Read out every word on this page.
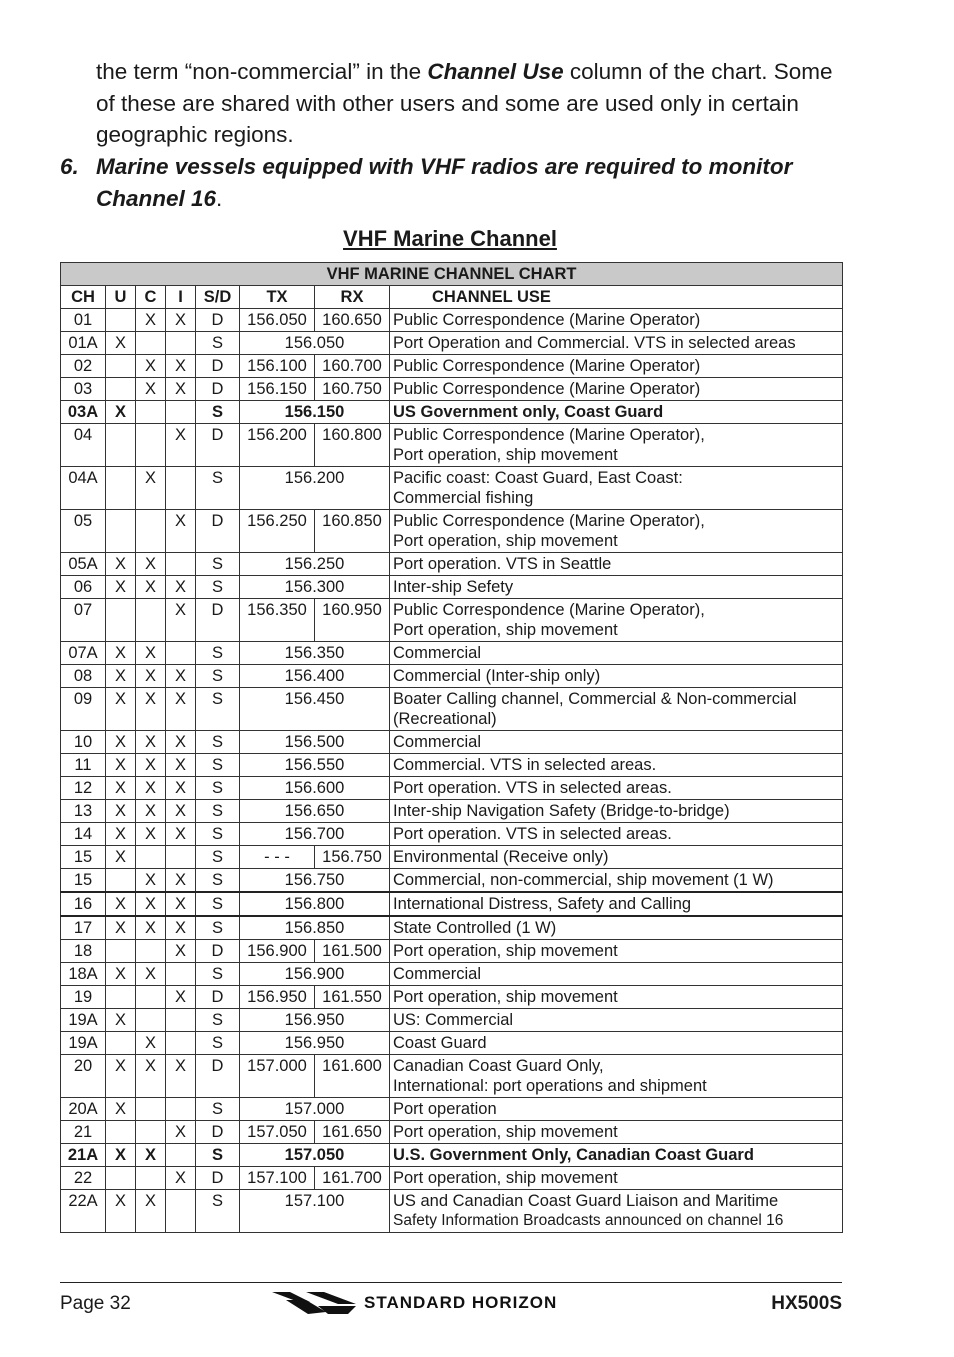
the term “non-commercial” in the Channel Use column of the chart. Some of these are shared with other users and some are used only in certain geographic regions.
6. Marine vessels equipped with VHF radios are required to monitor Channel 16.
VHF Marine Channel
VHF MARINE CHANNEL CHART							
CH	U	C	I	S/D	TX	RX	CHANNEL USE
01		X	X	D	156.050	160.650	Public Correspondence (Marine Operator)

01A	X			S	156.050		Port Operation and Commercial. VTS in selected areas

02		X	X	D	156.100	160.700	Public Correspondence (Marine Operator)

03		X	X	D	156.150	160.750	Public Correspondence (Marine Operator)

03A	X			S	156.150		US Government only, Coast Guard

04			X	D	156.200	160.800	Public Correspondence (Marine Operator),
Port operation, ship movement

04A		X		S	156.200		Pacific coast: Coast Guard, East Coast:
Commercial fishing

05			X	D	156.250	160.850	Public Correspondence (Marine Operator),
Port operation, ship movement

05A	X	X		S	156.250		Port operation. VTS in Seattle

06	X	X	X	S	156.300		Inter-ship Sefety

07			X	D	156.350	160.950	Public Correspondence (Marine Operator),
Port operation, ship movement

07A	X	X		S	156.350		Commercial

08	X	X	X	S	156.400		Commercial (Inter-ship only)

09	X	X	X	S	156.450		Boater Calling channel, Commercial & Non-commercial
(Recreational)

10	X	X	X	S	156.500		Commercial

11	X	X	X	S	156.550		Commercial. VTS in selected areas.

12	X	X	X	S	156.600		Port operation. VTS in selected areas.

13	X	X	X	S	156.650		Inter-ship Navigation Safety (Bridge-to-bridge)

14	X	X	X	S	156.700		Port operation. VTS in selected areas.

15	X			S	- - -	156.750	Environmental (Receive only)

15		X	X	S	156.750		Commercial, non-commercial, ship movement (1 W)

16	X	X	X	S	156.800		International Distress, Safety and Calling

17	X	X	X	S	156.850		State Controlled (1 W)

18			X	D	156.900	161.500	Port operation, ship movement

18A	X	X		S	156.900		Commercial

19			X	D	156.950	161.550	Port operation, ship movement

19A	X			S	156.950		US: Commercial

19A		X		S	156.950		Coast Guard

20	X	X	X	D	157.000	161.600	Canadian Coast Guard Only,
International: port operations and shipment

20A	X			S	157.000		Port operation

21			X	D	157.050	161.650	Port operation, ship movement

21A	X	X		S	157.050		U.S. Government Only, Canadian Coast Guard

22			X	D	157.100	161.700	Port operation, ship movement

22A	X	X		S	157.100		US and Canadian Coast Guard Liaison and Maritime
Safety Information Broadcasts announced on channel 16
Page 32	STANDARD HORIZON	HX500S
